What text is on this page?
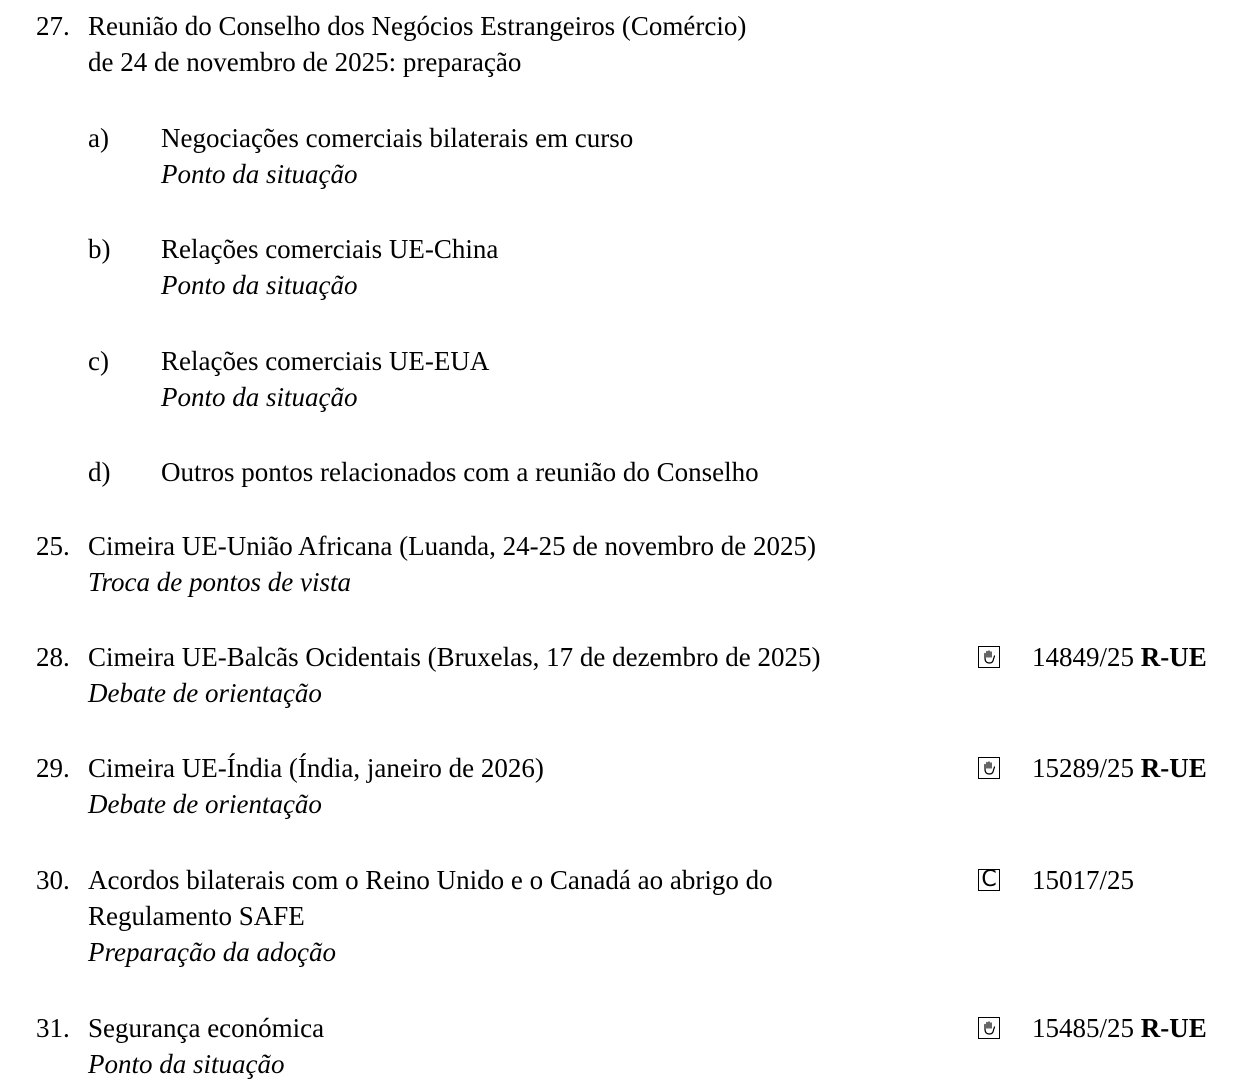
27. Reunião do Conselho dos Negócios Estrangeiros (Comércio)
de 24 de novembro de 2025: preparação
a) Negociações comerciais bilaterais em curso
Ponto da situação
b) Relações comerciais UE-China
Ponto da situação
c) Relações comerciais UE-EUA
Ponto da situação
d) Outros pontos relacionados com a reunião do Conselho
25. Cimeira UE-União Africana (Luanda, 24-25 de novembro de 2025)
Troca de pontos de vista
28. Cimeira UE-Balcãs Ocidentais (Bruxelas, 17 de dezembro de 2025)
Debate de orientação
14849/25 R-UE
29. Cimeira UE-Índia (Índia, janeiro de 2026)
Debate de orientação
15289/25 R-UE
30. Acordos bilaterais com o Reino Unido e o Canadá ao abrigo do
Regulamento SAFE
Preparação da adoção
C 15017/25
31. Segurança económica
Ponto da situação
15485/25 R-UE
